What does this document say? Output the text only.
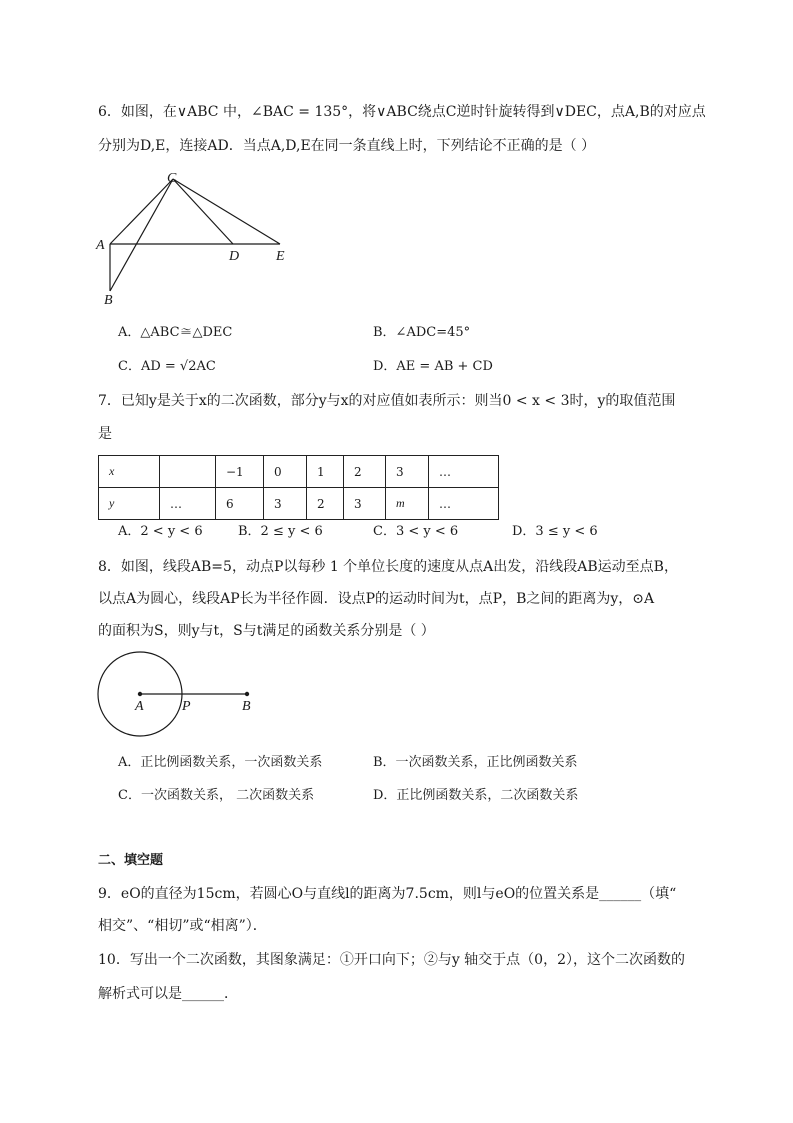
6．如图，在∨ABC 中，∠BAC = 135°，将∨ABC绕点C逆时针旋转得到∨DEC，点A,B的对应点
分别为D,E，连接AD．当点A,D,E在同一条直线上时，下列结论不正确的是（ ）
C
A
B
D	E
A．△ABC≅△DEC	B．∠ADC=45°
C．AD = √2AC	D．AE = AB + CD
7．已知y是关于x的二次函数，部分y与x的对应值如表所示：则当0 < x < 3时，y的取值范围
是
x		−1	0	1	2	3	…
y	…	6	3	2	3	m	…
A．2 < y < 6	B．2 ≤ y < 6	C．3 < y < 6	D．3 ≤ y < 6
8．如图，线段AB=5，动点P以每秒 1 个单位长度的速度从点A出发，沿线段AB运动至点B，
以点A为圆心，线段AP长为半径作圆．设点P的运动时间为t，点P，B之间的距离为y，⊙A
的面积为S，则y与t，S与t满足的函数关系分别是（ ）
A	P	B
A．正比例函数关系，一次函数关系	B．一次函数关系，正比例函数关系
C．一次函数关系， 二次函数关系	D．正比例函数关系，二次函数关系
二、填空题
9．eO的直径为15cm，若圆心O与直线l的距离为7.5cm，则l与eO的位置关系是______（填“
相交”、“相切”或“相离”）．
10．写出一个二次函数，其图象满足：①开口向下；②与y 轴交于点（0，2），这个二次函数的
解析式可以是______．
